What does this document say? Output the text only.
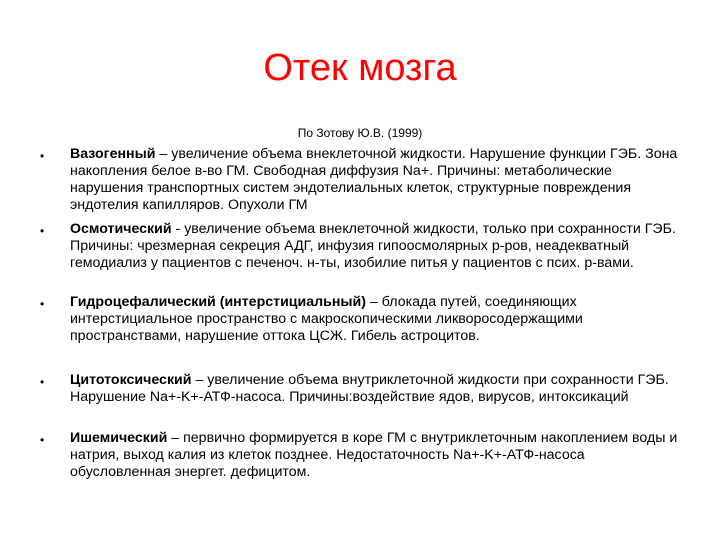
Отек мозга
По Зотову Ю.В. (1999)
• Вазогенный – увеличение объема внеклеточной жидкости. Нарушение функции ГЭБ. Зона накопления белое в-во ГМ. Свободная диффузия Na+. Причины: метаболические нарушения транспортных систем эндотелиальных клеток, структурные повреждения эндотелия капилляров. Опухоли ГМ
• Осмотический - увеличение объема внеклеточной жидкости, только при сохранности ГЭБ. Причины: чрезмерная секреция АДГ, инфузия гипоосмолярных р-ров, неадекватный гемодиализ у пациентов с печеноч. н-ты, изобилие питья у пациентов с псих. р-вами.
• Гидроцефалический (интерстициальный) – блокада путей, соединяющих интерстициальное пространство с макроскопическими ликворосодержащими пространствами, нарушение оттока ЦСЖ. Гибель астроцитов.
• Цитотоксический – увеличение объема внутриклеточной жидкости при сохранности ГЭБ. Нарушение Na+-K+-АТФ-насоса. Причины:воздействие ядов, вирусов, интоксикаций
• Ишемический – первично формируется в коре ГМ с внутриклеточным накоплением воды и натрия, выход калия из клеток позднее. Недостаточность Na+-K+-АТФ-насоса обусловленная энергет. дефицитом.
